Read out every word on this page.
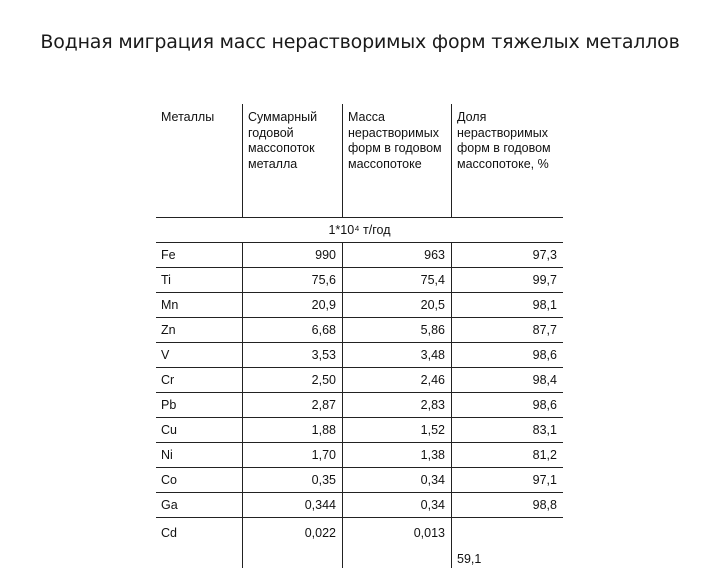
Водная миграция масс нерастворимых форм тяжелых металлов
Металлы	Суммарный годовой массопоток металла	Масса нерастворимых форм в годовом массопотоке	Доля нерастворимых форм в годовом массопотоке, %
1*10⁴ т/год			
Fe	990	963	97,3
Ti	75,6	75,4	99,7
Mn	20,9	20,5	98,1
Zn	6,68	5,86	87,7
V	3,53	3,48	98,6
Cr	2,50	2,46	98,4
Pb	2,87	2,83	98,6
Cu	1,88	1,52	83,1
Ni	1,70	1,38	81,2
Co	0,35	0,34	97,1
Ga	0,344	0,34	98,8
Cd	0,022	0,013	59,1
